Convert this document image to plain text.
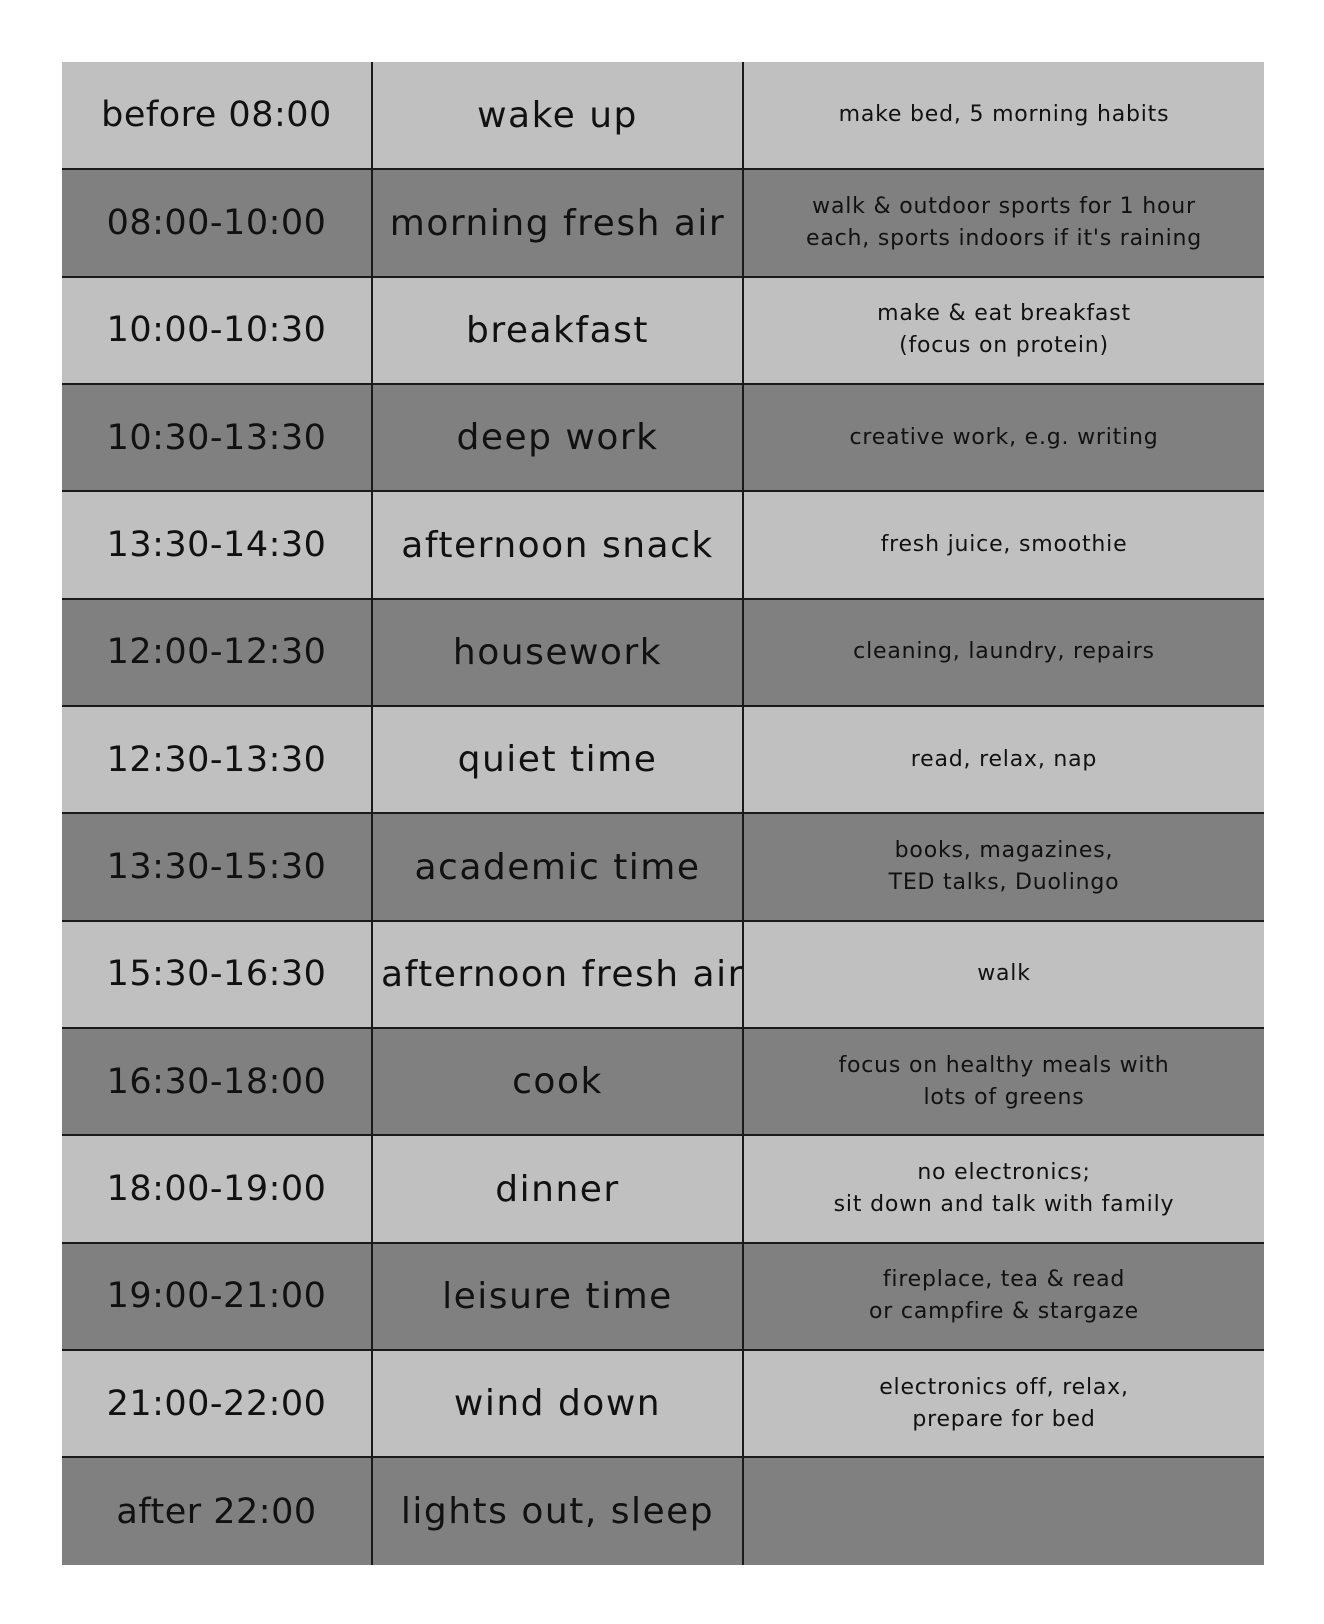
before 08:00	wake up	make bed, 5 morning habits
08:00-10:00	morning fresh air	walk & outdoor sports for 1 hour
each, sports indoors if it's raining
10:00-10:30	breakfast	make & eat breakfast
(focus on protein)
10:30-13:30	deep work	creative work, e.g. writing
13:30-14:30	afternoon snack	fresh juice, smoothie
12:00-12:30	housework	cleaning, laundry, repairs
12:30-13:30	quiet time	read, relax, nap
13:30-15:30	academic time	books, magazines,
TED talks, Duolingo
15:30-16:30	afternoon fresh air	walk
16:30-18:00	cook	focus on healthy meals with
lots of greens
18:00-19:00	dinner	no electronics;
sit down and talk with family
19:00-21:00	leisure time	fireplace, tea & read
or campfire & stargaze
21:00-22:00	wind down	electronics off, relax,
prepare for bed
after 22:00	lights out, sleep	
